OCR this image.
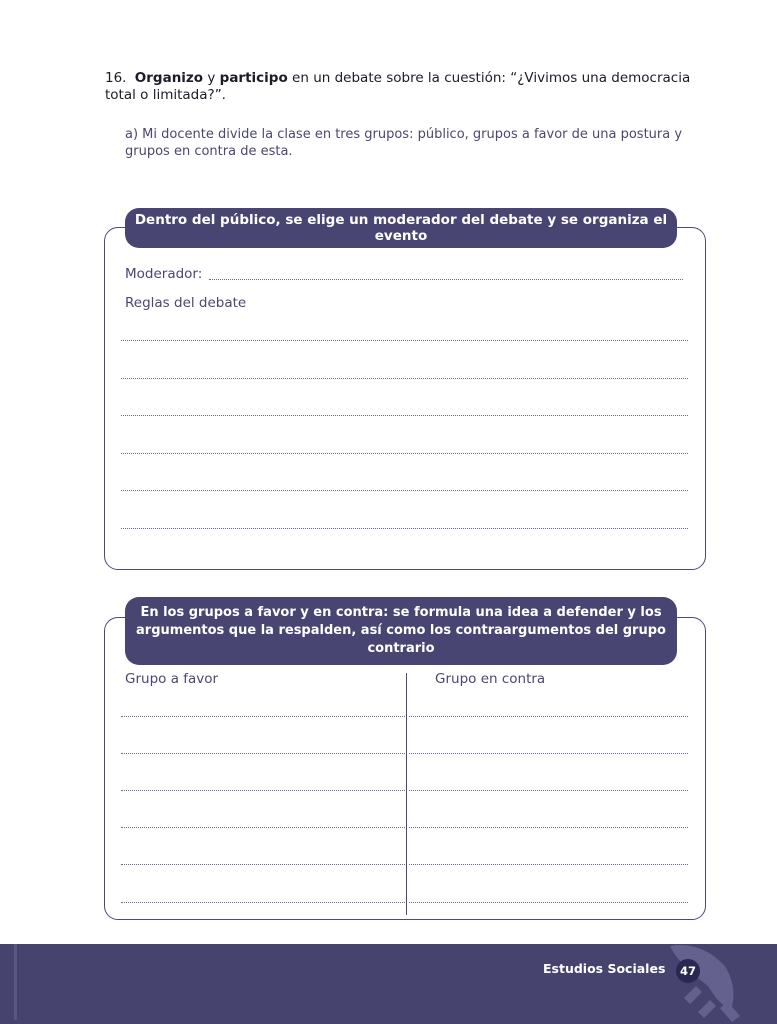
16. Organizo y participo en un debate sobre la cuestión: “¿Vivimos una democracia total o limitada?”.
a) Mi docente divide la clase en tres grupos: público, grupos a favor de una postura y grupos en contra de esta.
Dentro del público, se elige un moderador del debate y se organiza el evento
Moderador:
Reglas del debate
En los grupos a favor y en contra: se formula una idea a defender y los argumentos que la respalden, así como los contraargumentos del grupo contrario
Grupo a favor	Grupo en contra
Estudios Sociales	47
